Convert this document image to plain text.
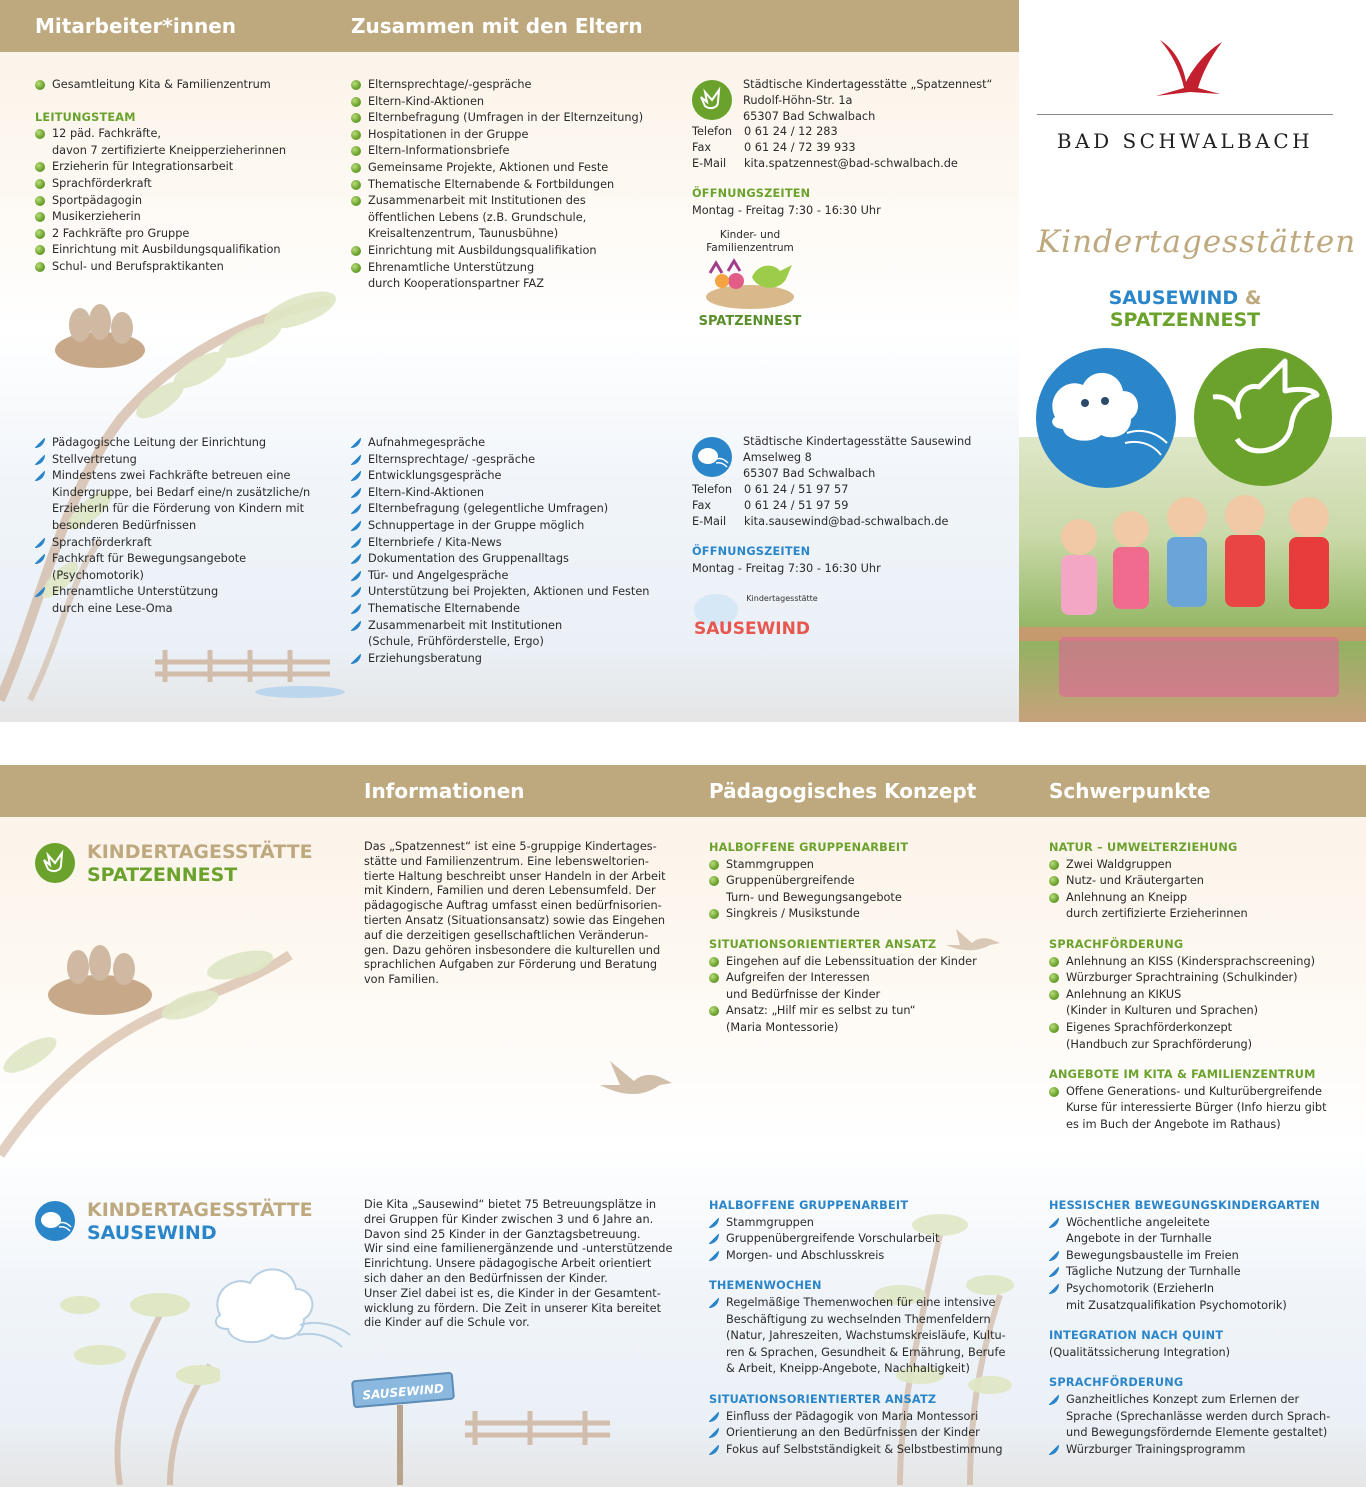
Mitarbeiter*innen	Zusammen mit den Eltern
Gesamtleitung Kita & Familienzentrum
LEITUNGSTEAM
12 päd. Fachkräfte,
davon 7 zertifizierte Kneipperzieherinnen
Erzieherin für Integrationsarbeit
Sprachförderkraft
Sportpädagogin
Musikerzieherin
2 Fachkräfte pro Gruppe
Einrichtung mit Ausbildungsqualifikation
Schul- und Berufspraktikanten
Pädagogische Leitung der Einrichtung
Stellvertretung
Mindestens zwei Fachkräfte betreuen eine
Kindergruppe, bei Bedarf eine/n zusätzliche/n
ErzieherIn für die Förderung von Kindern mit
besonderen Bedürfnissen
Sprachförderkraft
Fachkraft für Bewegungsangebote
(Psychomotorik)
Ehrenamtliche Unterstützung
durch eine Lese-Oma
Elternsprechtage/-gespräche
Eltern-Kind-Aktionen
Elternbefragung (Umfragen in der Elternzeitung)
Hospitationen in der Gruppe
Eltern-Informationsbriefe
Gemeinsame Projekte, Aktionen und Feste
Thematische Elternabende & Fortbildungen
Zusammenarbeit mit Institutionen des
öffentlichen Lebens (z.B. Grundschule,
Kreisaltenzentrum, Taunusbühne)
Einrichtung mit Ausbildungsqualifikation
Ehrenamtliche Unterstützung
durch Kooperationspartner FAZ
Aufnahmegespräche
Elternsprechtage/ -gespräche
Entwicklungsgespräche
Eltern-Kind-Aktionen
Elternbefragung (gelegentliche Umfragen)
Schnuppertage in der Gruppe möglich
Elternbriefe / Kita-News
Dokumentation des Gruppenalltags
Tür- und Angelgespräche
Unterstützung bei Projekten, Aktionen und Festen
Thematische Elternabende
Zusammenarbeit mit Institutionen
(Schule, Frühförderstelle, Ergo)
Erziehungsberatung
Städtische Kindertagesstätte „Spatzennest“
Rudolf-Höhn-Str. 1a
65307 Bad Schwalbach
Telefon	0 61 24 / 12 283
Fax	0 61 24 / 72 39 933
E-Mail	kita.spatzennest@bad-schwalbach.de
ÖFFNUNGSZEITEN
Montag - Freitag 7:30 - 16:30 Uhr
Kinder- und
Familienzentrum
SPATZENNEST
Städtische Kindertagesstätte Sausewind
Amselweg 8
65307 Bad Schwalbach
Telefon	0 61 24 / 51 97 57
Fax	0 61 24 / 51 97 59
E-Mail	kita.sausewind@bad-schwalbach.de
ÖFFNUNGSZEITEN
Montag - Freitag 7:30 - 16:30 Uhr
Kindertagesstätte
SAUSEWIND
BAD SCHWALBACH
Kindertagesstätten
SAUSEWIND & SPATZENNEST
SAUSEWIND
Informationen	Pädagogisches Konzept	Schwerpunkte
KINDERTAGESSTÄTTE
SPATZENNEST
Das „Spatzennest“ ist eine 5-gruppige Kindertages-
stätte und Familienzentrum. Eine lebensweltorien-
tierte Haltung beschreibt unser Handeln in der Arbeit
mit Kindern, Familien und deren Lebensumfeld. Der
pädagogische Auftrag umfasst einen bedürfnisorien-
tierten Ansatz (Situationsansatz) sowie das Eingehen
auf die derzeitigen gesellschaftlichen Veränderun-
gen. Dazu gehören insbesondere die kulturellen und
sprachlichen Aufgaben zur Förderung und Beratung
von Familien.
HALBOFFENE GRUPPENARBEIT
Stammgruppen
Gruppenübergreifende
Turn- und Bewegungsangebote
Singkreis / Musikstunde
SITUATIONSORIENTIERTER ANSATZ
Eingehen auf die Lebenssituation der Kinder
Aufgreifen der Interessen
und Bedürfnisse der Kinder
Ansatz: „Hilf mir es selbst zu tun“
(Maria Montessorie)
NATUR – UMWELTERZIEHUNG
Zwei Waldgruppen
Nutz- und Kräutergarten
Anlehnung an Kneipp
durch zertifizierte Erzieherinnen
SPRACHFÖRDERUNG
Anlehnung an KISS (Kindersprachscreening)
Würzburger Sprachtraining (Schulkinder)
Anlehnung an KIKUS
(Kinder in Kulturen und Sprachen)
Eigenes Sprachförderkonzept
(Handbuch zur Sprachförderung)
ANGEBOTE IM KITA & FAMILIENZENTRUM
Offene Generations- und Kulturübergreifende
Kurse für interessierte Bürger (Info hierzu gibt
es im Buch der Angebote im Rathaus)
KINDERTAGESSTÄTTE
SAUSEWIND
Die Kita „Sausewind“ bietet 75 Betreuungsplätze in
drei Gruppen für Kinder zwischen 3 und 6 Jahre an.
Davon sind 25 Kinder in der Ganztagsbetreuung.
Wir sind eine familienergänzende und -unterstützende
Einrichtung. Unsere pädagogische Arbeit orientiert
sich daher an den Bedürfnissen der Kinder.
Unser Ziel dabei ist es, die Kinder in der Gesamtent-
wicklung zu fördern. Die Zeit in unserer Kita bereitet
die Kinder auf die Schule vor.
HALBOFFENE GRUPPENARBEIT
Stammgruppen
Gruppenübergreifende Vorschularbeit
Morgen- und Abschlusskreis
THEMENWOCHEN
Regelmäßige Themenwochen für eine intensive
Beschäftigung zu wechselnden Themenfeldern
(Natur, Jahreszeiten, Wachstumskreisläufe, Kultu-
ren & Sprachen, Gesundheit & Ernährung, Berufe
& Arbeit, Kneipp-Angebote, Nachhaltigkeit)
SITUATIONSORIENTIERTER ANSATZ
Einfluss der Pädagogik von Maria Montessori
Orientierung an den Bedürfnissen der Kinder
Fokus auf Selbstständigkeit & Selbstbestimmung
HESSISCHER BEWEGUNGSKINDERGARTEN
Wöchentliche angeleitete
Angebote in der Turnhalle
Bewegungsbaustelle im Freien
Tägliche Nutzung der Turnhalle
Psychomotorik (ErzieherIn
mit Zusatzqualifikation Psychomotorik)
INTEGRATION NACH QUINT
(Qualitätssicherung Integration)
SPRACHFÖRDERUNG
Ganzheitliches Konzept zum Erlernen der
Sprache (Sprechanlässe werden durch Sprach-
und Bewegungsfördernde Elemente gestaltet)
Würzburger Trainingsprogramm
